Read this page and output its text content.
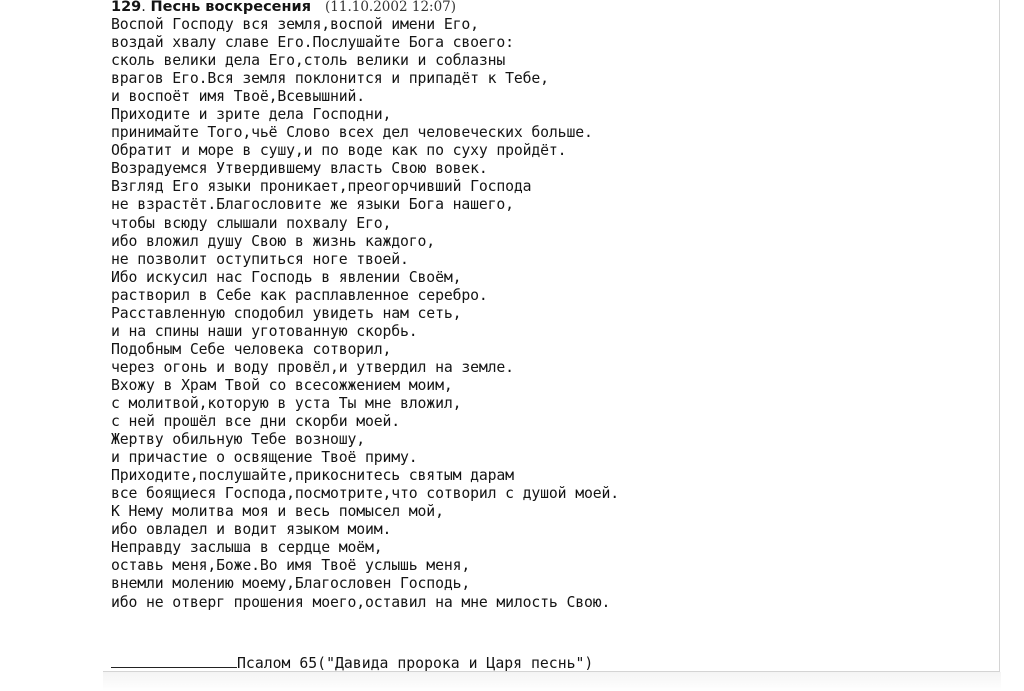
129. Песнь воскресения (11.10.2002 12:07)
Воспой Господу вся земля,воспой имени Его,
воздай хвалу славе Его.Послушайте Бога своего:
сколь велики дела Его,столь велики и соблазны
врагов Его.Вся земля поклонится и припадёт к Тебе,
и воспоёт имя Твоё,Всевышний.
Приходите и зрите дела Господни,
принимайте Того,чьё Слово всех дел человеческих больше.
Обратит и море в сушу,и по воде как по суху пройдёт.
Возрадуемся Утвердившему власть Свою вовек.
Взгляд Его языки проникает,преогорчивший Господа
не взрастёт.Благословите же языки Бога нашего,
чтобы всюду слышали похвалу Его,
ибо вложил душу Свою в жизнь каждого,
не позволит оступиться ноге твоей.
Ибо искусил нас Господь в явлении Своём,
растворил в Себе как расплавленное серебро.
Расставленную сподобил увидеть нам сеть,
и на спины наши уготованную скорбь.
Подобным Себе человека сотворил,
через огонь и воду провёл,и утвердил на земле.
Вхожу в Храм Твой со всесожжением моим,
с молитвой,которую в уста Ты мне вложил,
с ней прошёл все дни скорби моей.
Жертву обильную Тебе возношу,
и причастие о освящение Твоё приму.
Приходите,послушайте,прикоснитесь святым дарам
все боящиеся Господа,посмотрите,что сотворил с душой моей.
К Нему молитва моя и весь помысел мой,
ибо овладел и водит языком моим.
Неправду заслыша в сердце моём,
оставь меня,Боже.Во имя Твоё услышь меня,
внемли молению моему,Благословен Господь,
ибо не отверг прошения моего,оставил на мне милость Свою.
Псалом 65("Давида пророка и Царя песнь")
